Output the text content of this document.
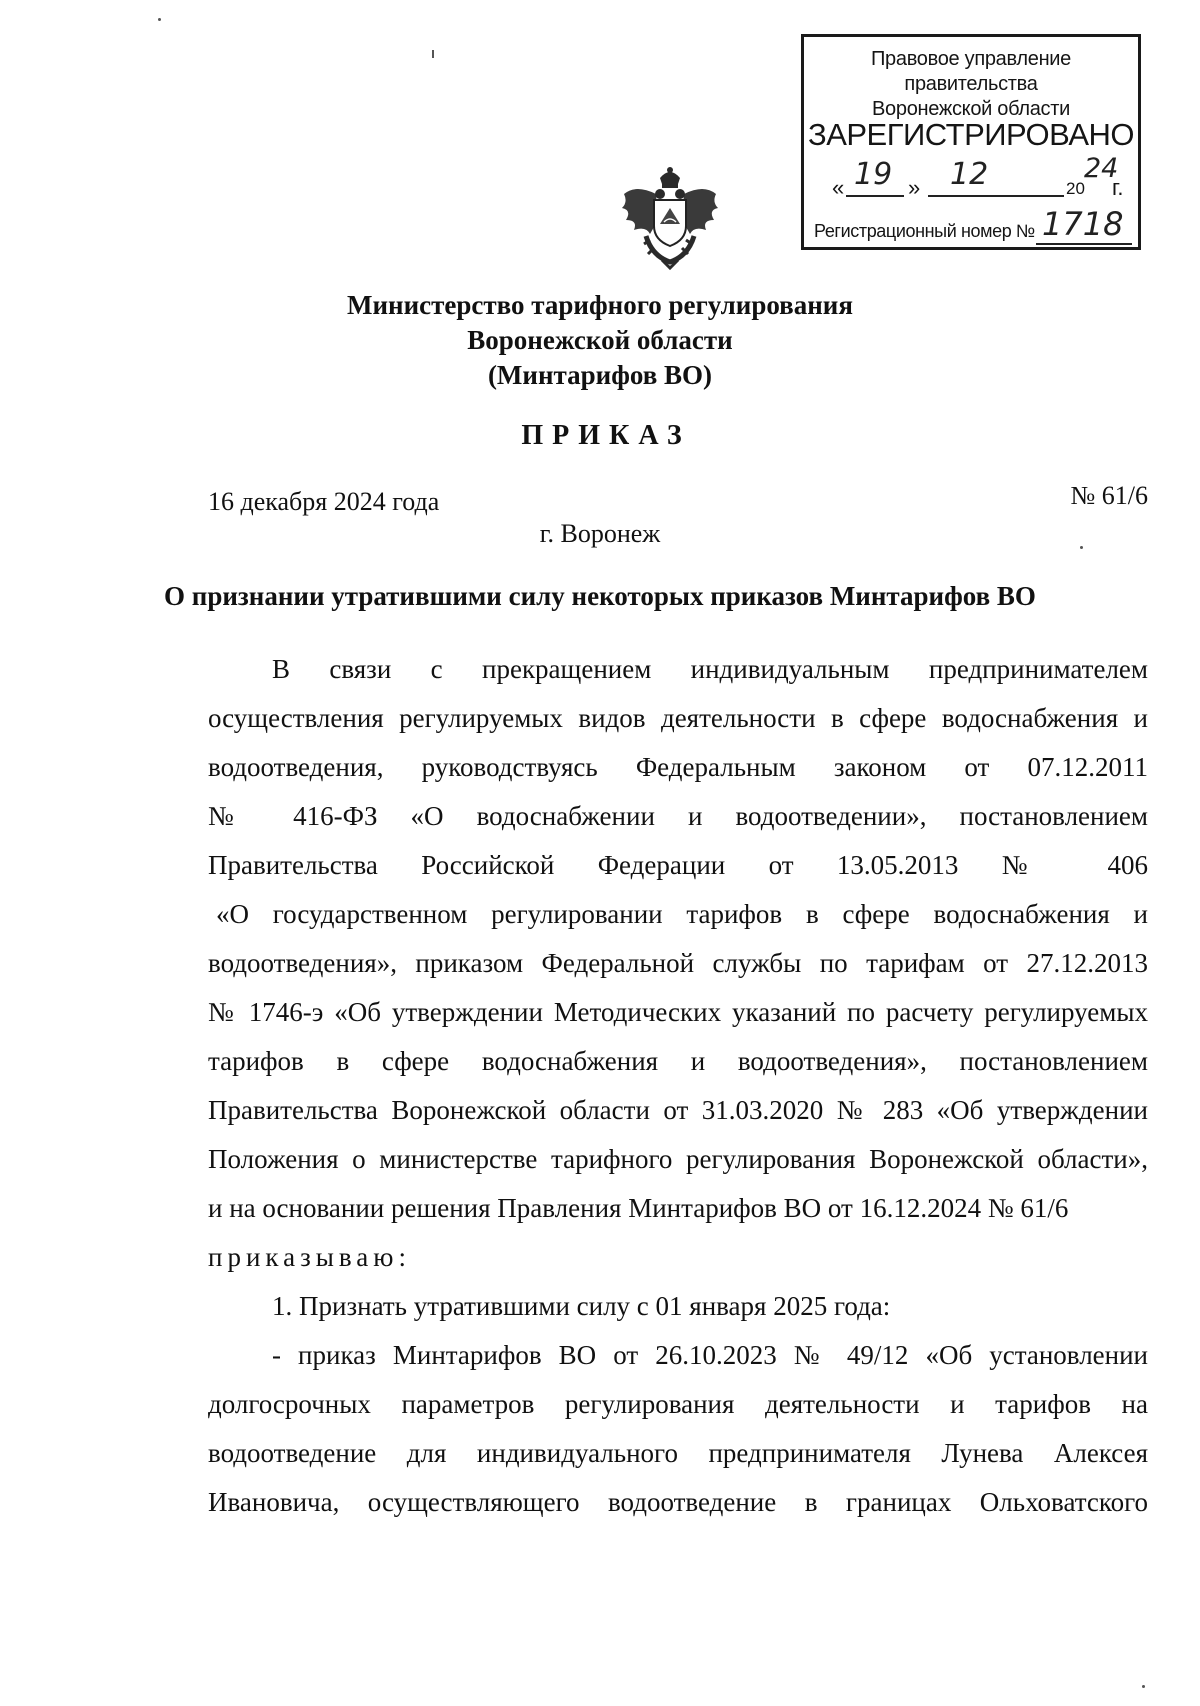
Правовое управление правительства
Воронежской области
ЗАРЕГИСТРИРОВАНО
« 19 » 12	20
24
г.
Регистрационный номер № 1718
Министерство тарифного регулирования
Воронежской области
(Минтарифов ВО)
ПРИКАЗ
16 декабря 2024 года	№ 61/6
г. Воронеж
О признании утратившими силу некоторых приказов Минтарифов ВО
В связи с прекращением индивидуальным предпринимателем
осуществления регулируемых видов деятельности в сфере водоснабжения и
водоотведения, руководствуясь Федеральным законом от 07.12.2011
№ 416-ФЗ «О водоснабжении и водоотведении», постановлением
Правительства Российской Федерации от 13.05.2013 № 406
«О государственном регулировании тарифов в сфере водоснабжения и
водоотведения», приказом Федеральной службы по тарифам от 27.12.2013
№ 1746-э «Об утверждении Методических указаний по расчету регулируемых
тарифов в сфере водоснабжения и водоотведения», постановлением
Правительства Воронежской области от 31.03.2020 № 283 «Об утверждении
Положения о министерстве тарифного регулирования Воронежской области»,
и на основании решения Правления Минтарифов ВО от 16.12.2024 № 61/6
приказываю:
1. Признать утратившими силу с 01 января 2025 года:
- приказ Минтарифов ВО от 26.10.2023 № 49/12 «Об установлении
долгосрочных параметров регулирования деятельности и тарифов на
водоотведение для индивидуального предпринимателя Лунева Алексея
Ивановича, осуществляющего водоотведение в границах Ольховатского
